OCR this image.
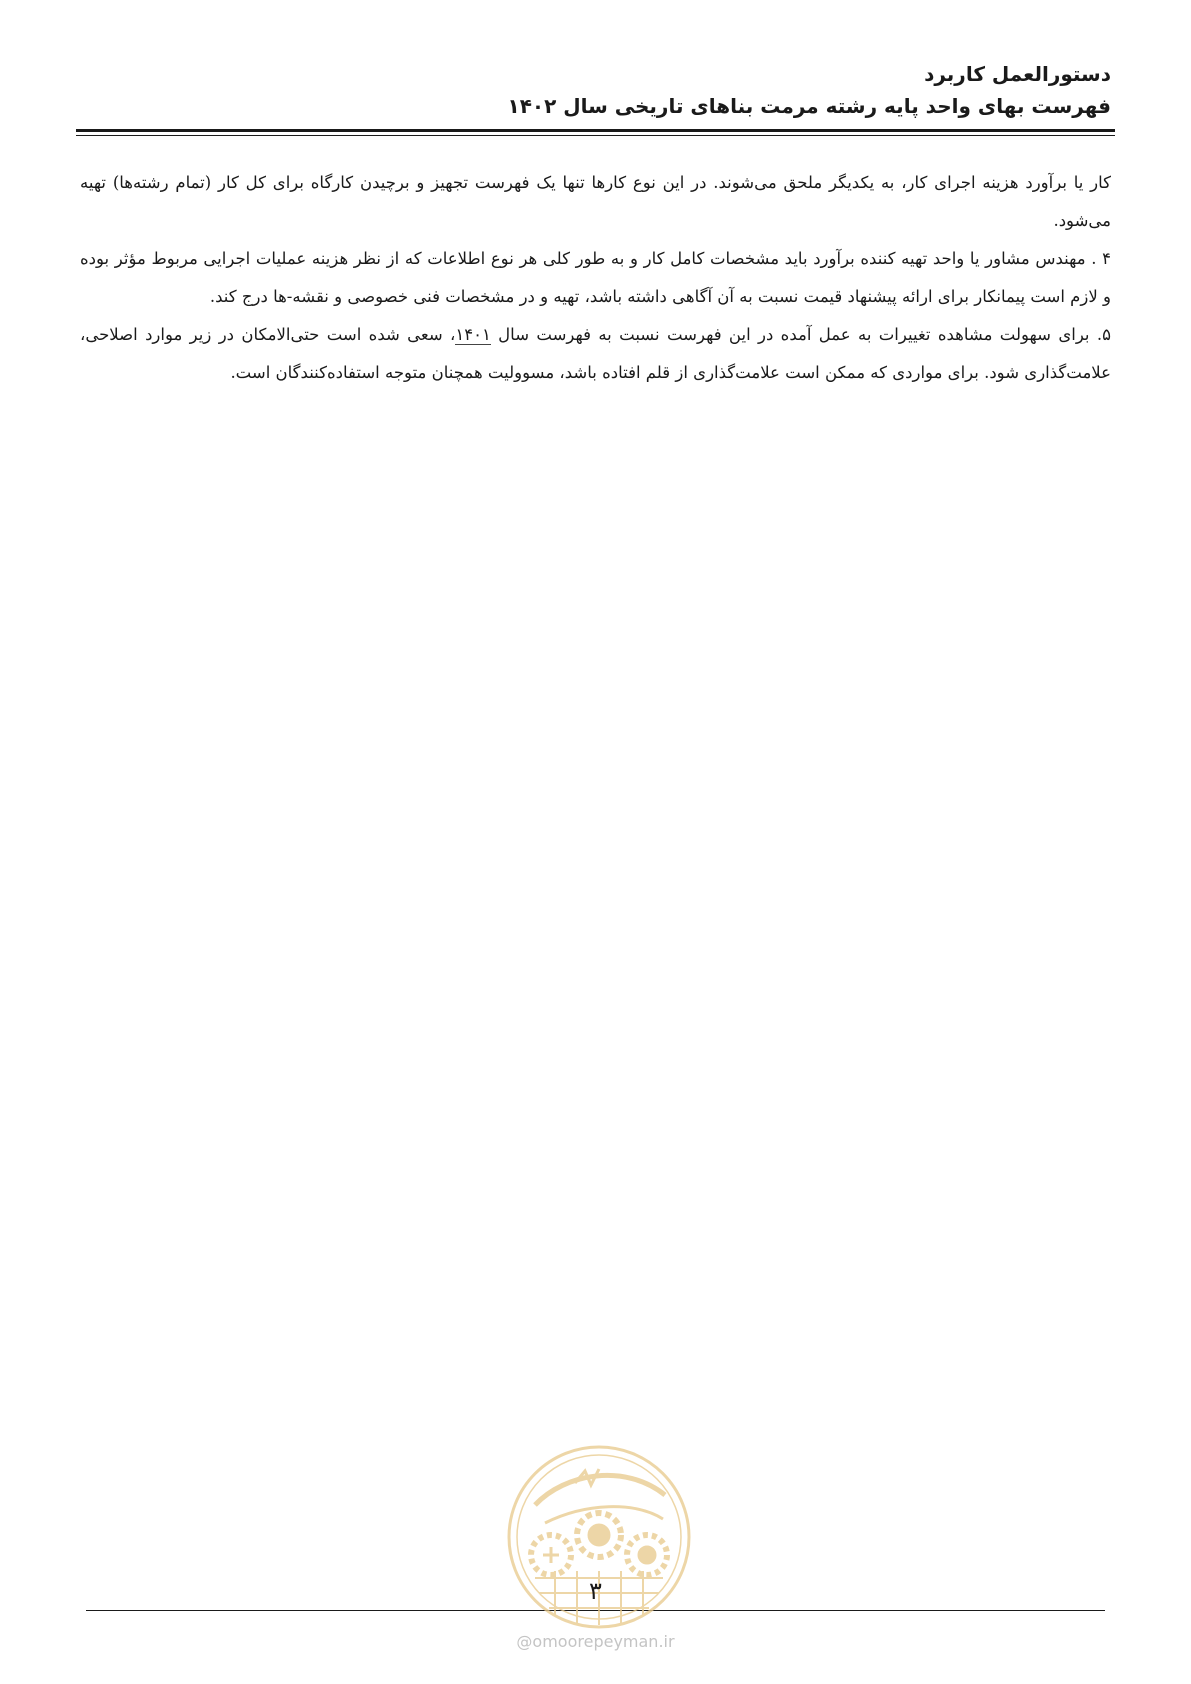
دستورالعمل کاربرد

فهرست بهای واحد پایه رشته مرمت بناهای تاریخی سال ۱۴۰۲

کار یا برآورد هزینه اجرای کار، به یکدیگر ملحق می‌شوند. در این نوع کارها تنها یک فهرست تجهیز و برچیدن کارگاه برای کل کار (تمام رشته‌ها) تهیه می‌شود.

۴ . مهندس مشاور یا واحد تهیه کننده برآورد باید مشخصات کامل کار و به طور کلی هر نوع اطلاعات که از نظر هزینه عملیات اجرایی مربوط مؤثر بوده و لازم است پیمانکار برای ارائه پیشنهاد قیمت نسبت به آن آگاهی داشته باشد، تهیه و در مشخصات فنی خصوصی و نقشه-ها درج کند.

۵. برای سهولت مشاهده تغییرات به عمل آمده در این فهرست نسبت به فهرست سال ۱۴۰۱، سعی شده است حتی‌الامکان در زیر موارد اصلاحی، علامت‌گذاری شود. برای مواردی که ممکن است علامت‌گذاری از قلم افتاده باشد، مسوولیت همچنان متوجه استفاده‌کنندگان است.

۳
@omoorepeyman.ir
